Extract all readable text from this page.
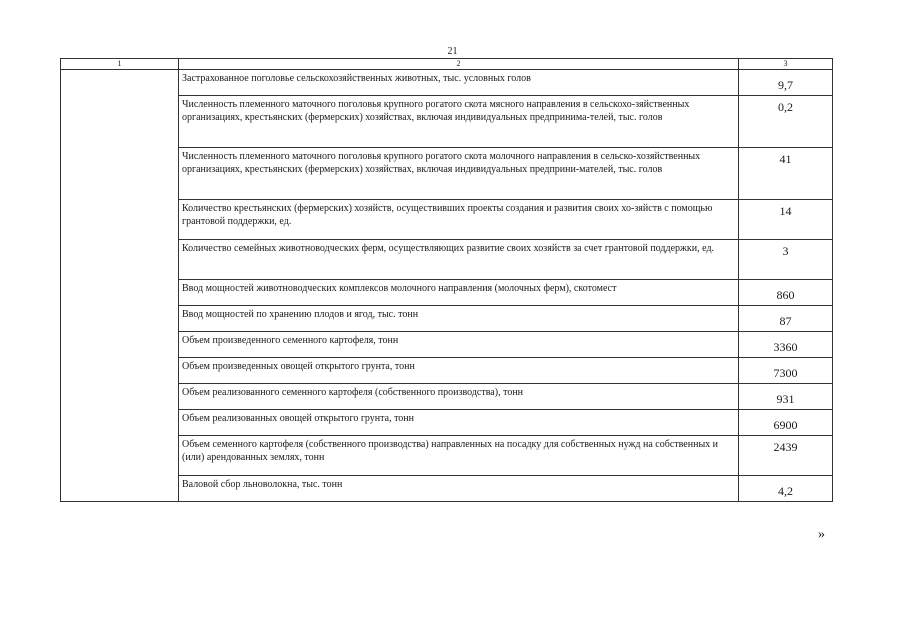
21
1	2	3
	Застрахованное поголовье сельскохозяйственных животных, тыс. условных голов	9,7
	Численность племенного маточного поголовья крупного рогатого скота мясного направления в сельскохо-зяйственных организациях, крестьянских (фермерских) хозяйствах, включая индивидуальных предпринима-телей, тыс. голов	0,2
	Численность племенного маточного поголовья крупного рогатого скота молочного направления в сельско-хозяйственных организациях, крестьянских (фермерских) хозяйствах, включая индивидуальных предприни-мателей, тыс. голов	41
	Количество крестьянских (фермерских) хозяйств, осуществивших проекты создания и развития своих хо-зяйств с помощью грантовой поддержки, ед.	14
	Количество семейных животноводческих ферм, осуществляющих развитие своих хозяйств за счет грантовой поддержки, ед.	3
	Ввод мощностей животноводческих комплексов молочного направления (молочных ферм), скотомест	860
	Ввод мощностей по хранению плодов и ягод, тыс. тонн	87
	Объем произведенного семенного картофеля, тонн	3360
	Объем произведенных овощей открытого грунта, тонн	7300
	Объем реализованного семенного картофеля (собственного производства), тонн	931
	Объем реализованных овощей открытого грунта, тонн	6900
	Объем семенного картофеля (собственного производства) направленных на посадку для собственных нужд на собственных и (или) арендованных землях, тонн	2439
	Валовой сбор льноволокна, тыс. тонн	4,2
»
